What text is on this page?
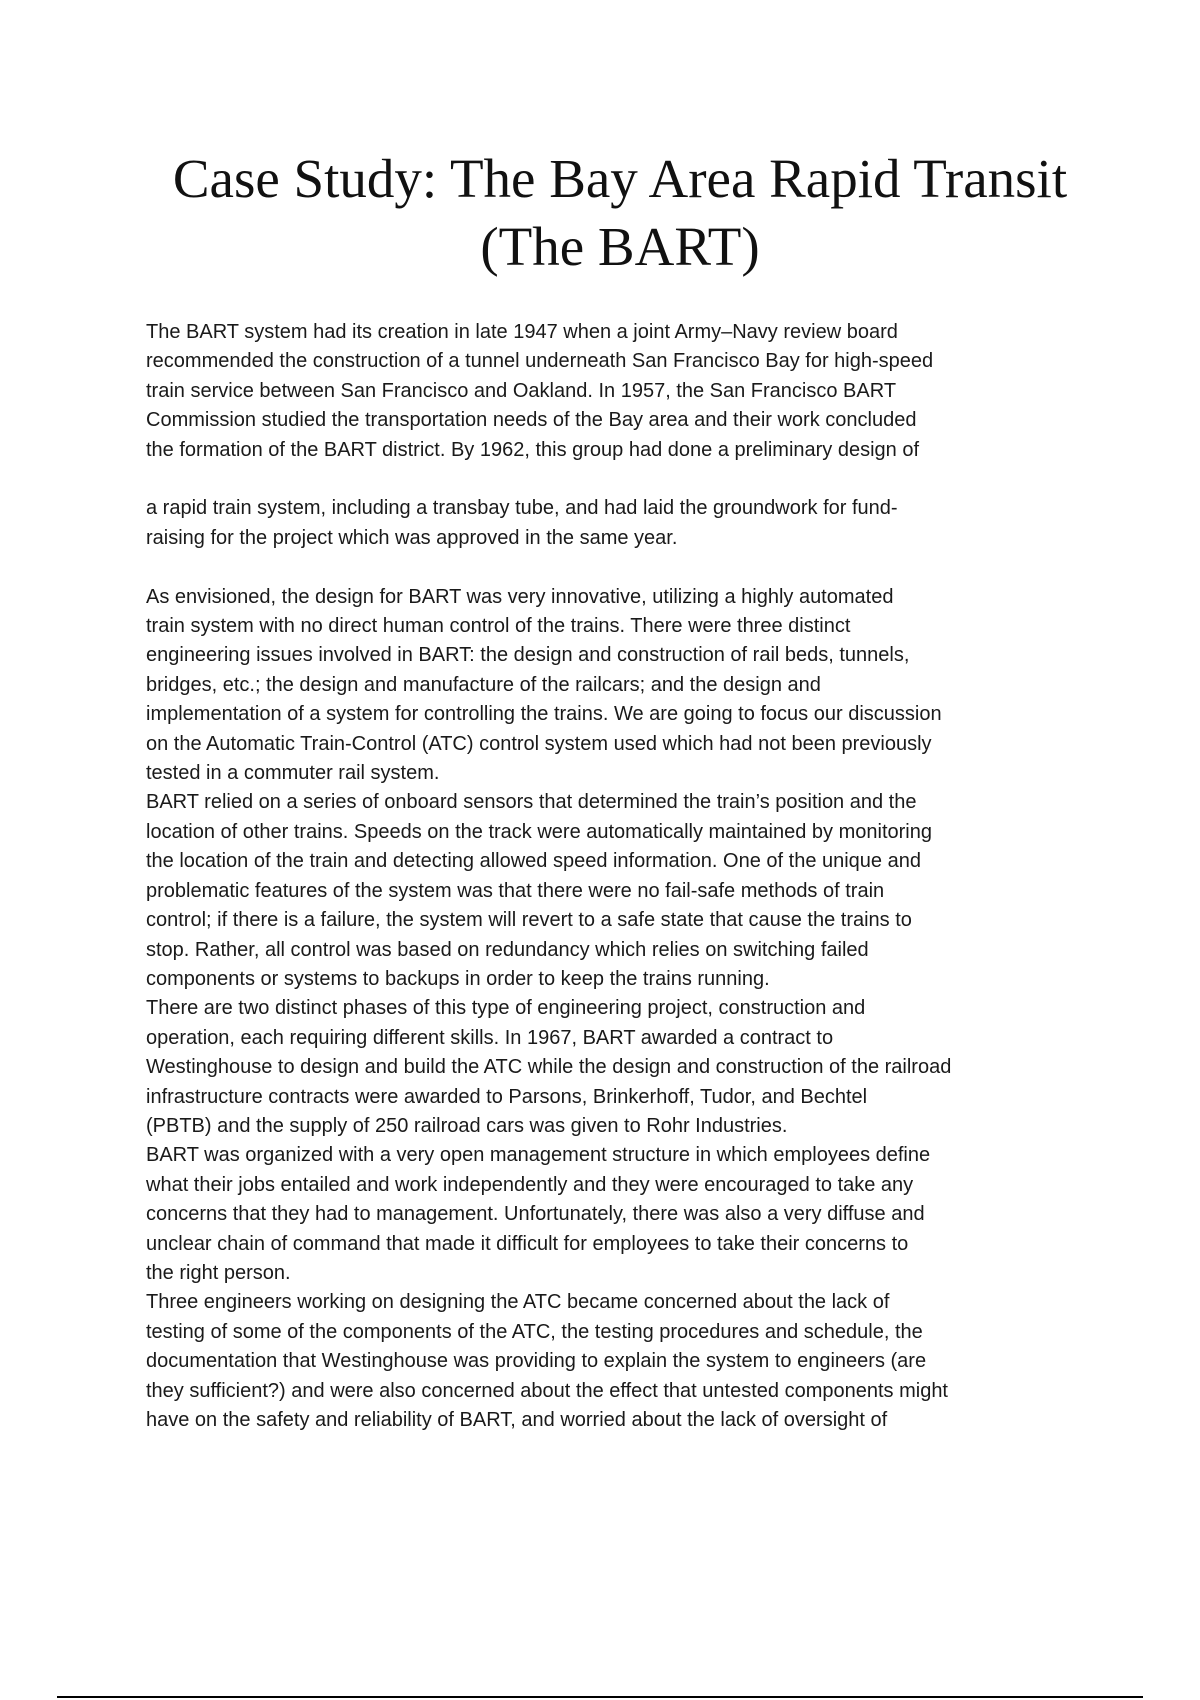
Case Study: The Bay Area Rapid Transit
(The BART)
The BART system had its creation in late 1947 when a joint Army–Navy review board
recommended the construction of a tunnel underneath San Francisco Bay for high-speed
train service between San Francisco and Oakland. In 1957, the San Francisco BART
Commission studied the transportation needs of the Bay area and their work concluded
the formation of the BART district. By 1962, this group had done a preliminary design of
a rapid train system, including a transbay tube, and had laid the groundwork for fund-
raising for the project which was approved in the same year.
As envisioned, the design for BART was very innovative, utilizing a highly automated
train system with no direct human control of the trains. There were three distinct
engineering issues involved in BART: the design and construction of rail beds, tunnels,
bridges, etc.; the design and manufacture of the railcars; and the design and
implementation of a system for controlling the trains. We are going to focus our discussion
on the Automatic Train-Control (ATC) control system used which had not been previously
tested in a commuter rail system.
BART relied on a series of onboard sensors that determined the train’s position and the
location of other trains. Speeds on the track were automatically maintained by monitoring
the location of the train and detecting allowed speed information. One of the unique and
problematic features of the system was that there were no fail-safe methods of train
control; if there is a failure, the system will revert to a safe state that cause the trains to
stop. Rather, all control was based on redundancy which relies on switching failed
components or systems to backups in order to keep the trains running.
There are two distinct phases of this type of engineering project, construction and
operation, each requiring different skills. In 1967, BART awarded a contract to
Westinghouse to design and build the ATC while the design and construction of the railroad
infrastructure contracts were awarded to Parsons, Brinkerhoff, Tudor, and Bechtel
(PBTB) and the supply of 250 railroad cars was given to Rohr Industries.
BART was organized with a very open management structure in which employees define
what their jobs entailed and work independently and they were encouraged to take any
concerns that they had to management. Unfortunately, there was also a very diffuse and
unclear chain of command that made it difficult for employees to take their concerns to
the right person.
Three engineers working on designing the ATC became concerned about the lack of
testing of some of the components of the ATC, the testing procedures and schedule, the
documentation that Westinghouse was providing to explain the system to engineers (are
they sufficient?) and were also concerned about the effect that untested components might
have on the safety and reliability of BART, and worried about the lack of oversight of
